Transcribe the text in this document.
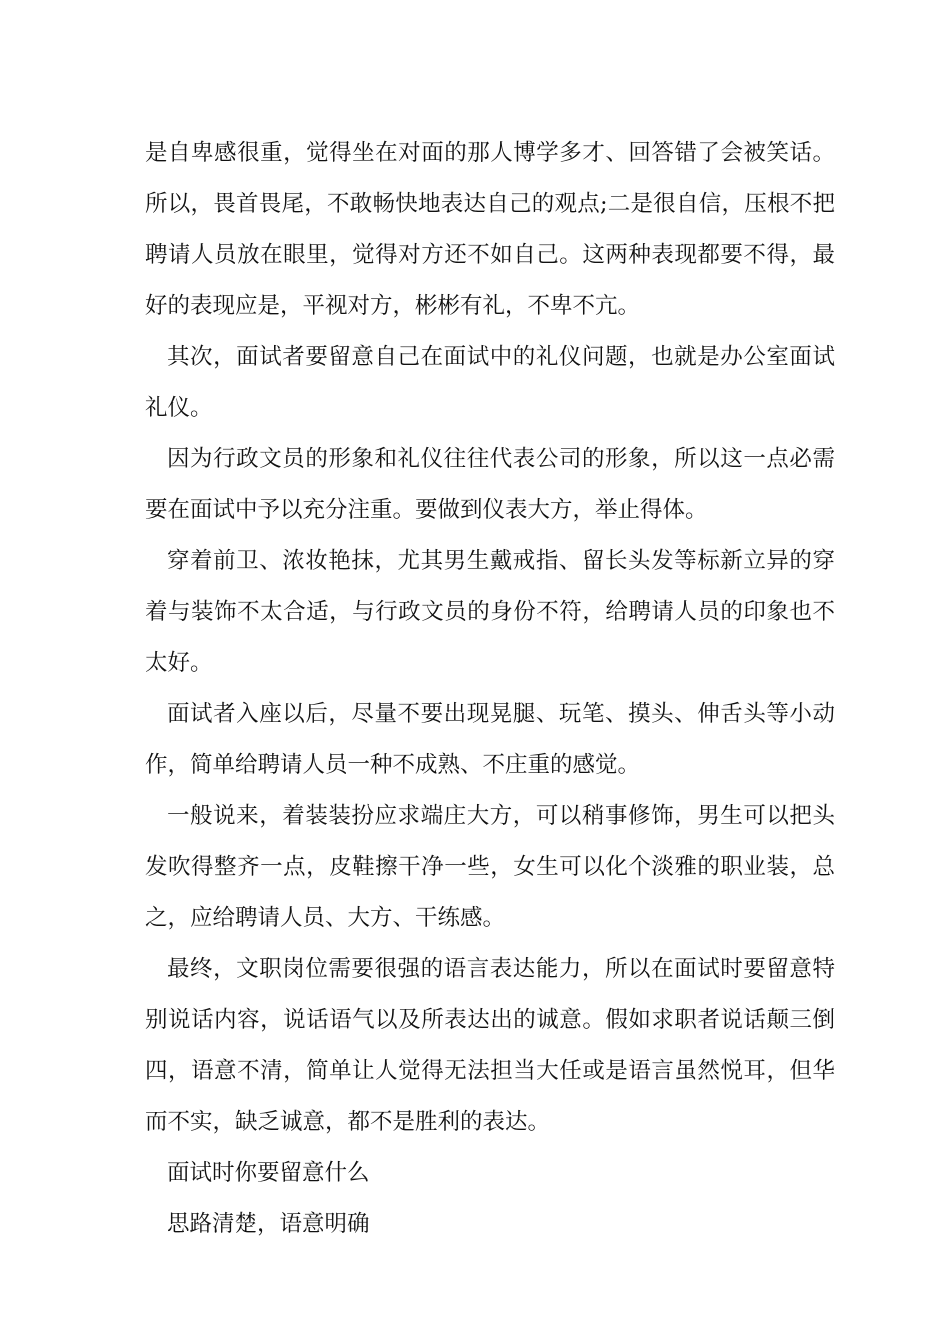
是自卑感很重，觉得坐在对面的那人博学多才、回答错了会被笑话。所以，畏首畏尾，不敢畅快地表达自己的观点;二是很自信，压根不把聘请人员放在眼里，觉得对方还不如自己。这两种表现都要不得，最好的表现应是，平视对方，彬彬有礼，不卑不亢。

其次，面试者要留意自己在面试中的礼仪问题，也就是办公室面试礼仪。

因为行政文员的形象和礼仪往往代表公司的形象，所以这一点必需要在面试中予以充分注重。要做到仪表大方，举止得体。

穿着前卫、浓妆艳抹，尤其男生戴戒指、留长头发等标新立异的穿着与装饰不太合适，与行政文员的身份不符，给聘请人员的印象也不太好。

面试者入座以后，尽量不要出现晃腿、玩笔、摸头、伸舌头等小动作，简单给聘请人员一种不成熟、不庄重的感觉。

一般说来，着装装扮应求端庄大方，可以稍事修饰，男生可以把头发吹得整齐一点，皮鞋擦干净一些，女生可以化个淡雅的职业装，总之，应给聘请人员、大方、干练感。

最终，文职岗位需要很强的语言表达能力，所以在面试时要留意特别说话内容，说话语气以及所表达出的诚意。假如求职者说话颠三倒四，语意不清，简单让人觉得无法担当大任或是语言虽然悦耳，但华而不实，缺乏诚意，都不是胜利的表达。

面试时你要留意什么

思路清楚，语意明确
